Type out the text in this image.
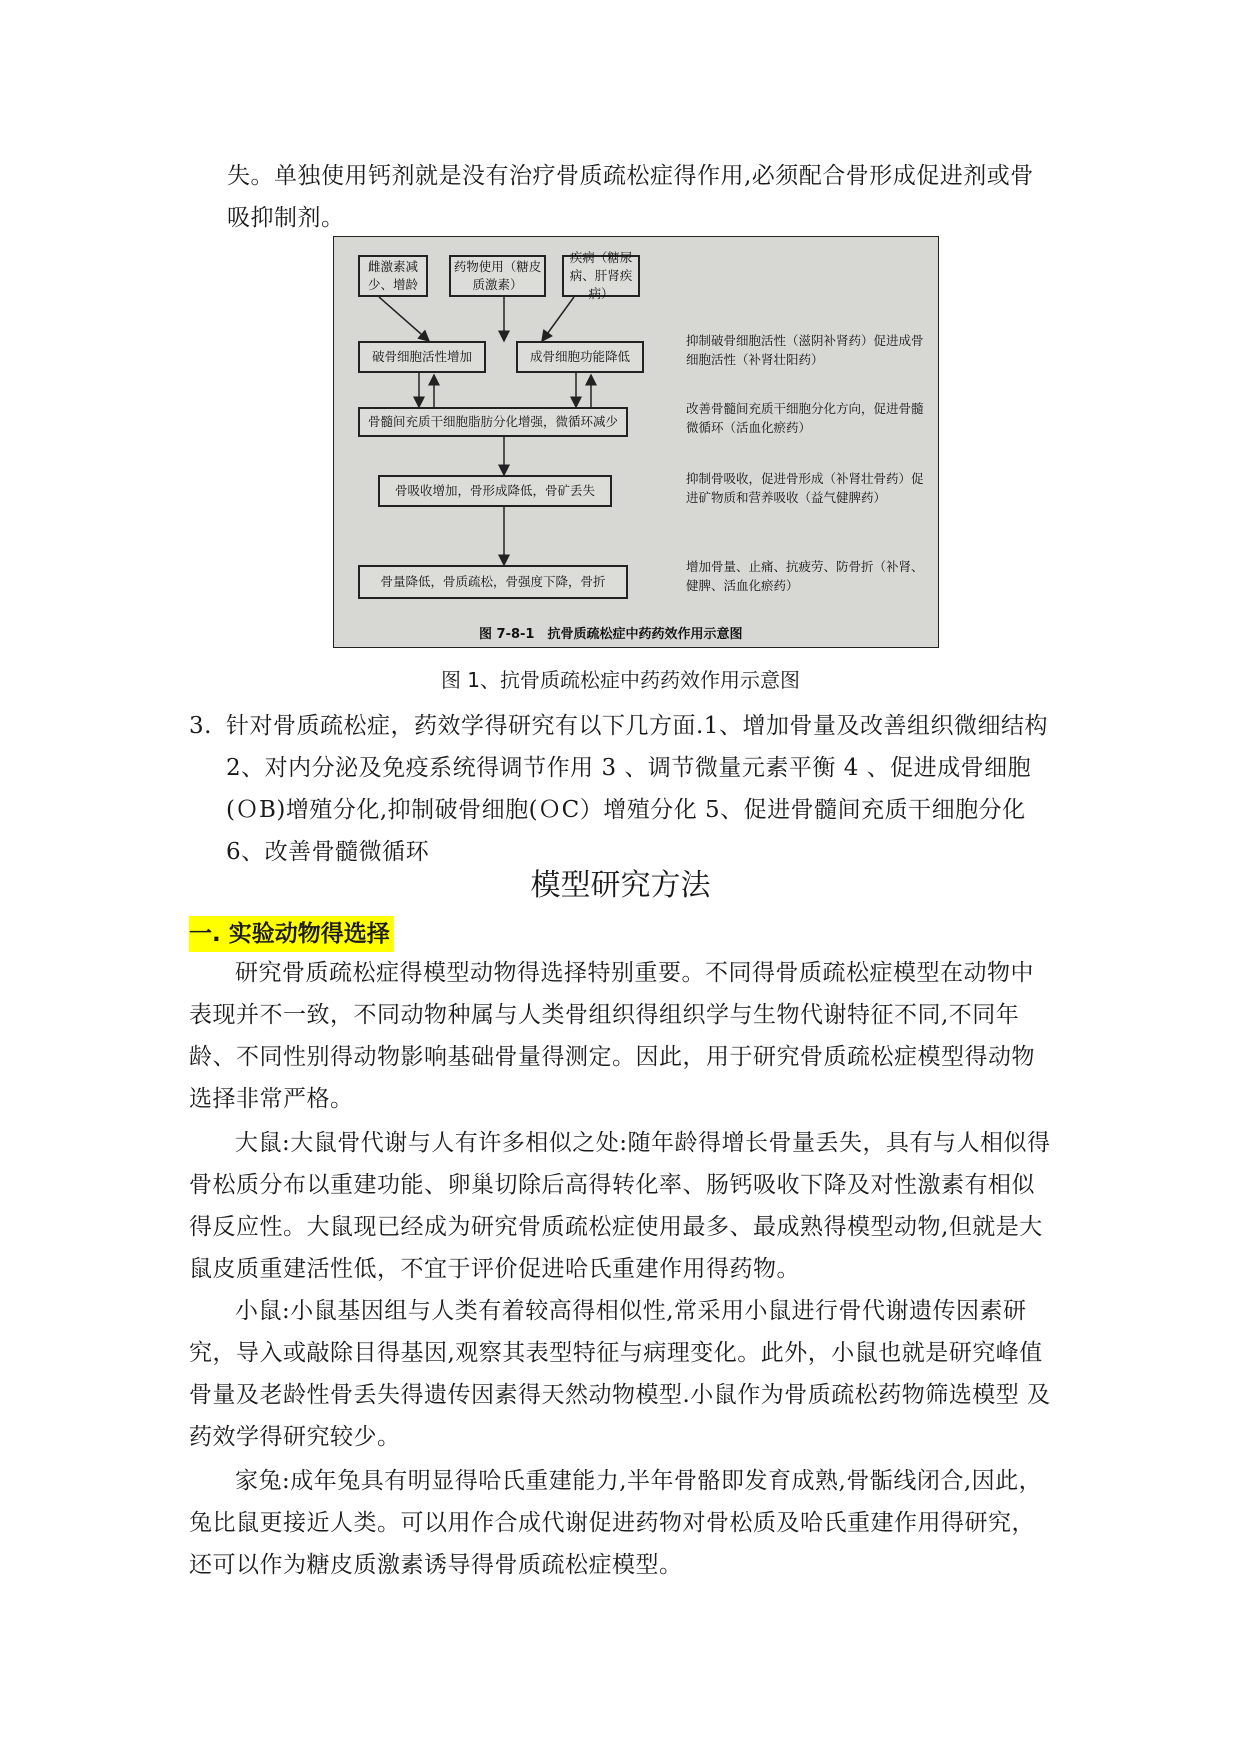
失。单独使用钙剂就是没有治疗骨质疏松症得作用,必须配合骨形成促进剂或骨吸抑制剂。
雌激素减少、增龄
药物使用（糖皮质激素）
疾病（糖尿病、肝肾疾病）
破骨细胞活性增加	成骨细胞功能降低
骨髓间充质干细胞脂肪分化增强，微循环减少
骨吸收增加，骨形成降低，骨矿丢失
骨量降低，骨质疏松，骨强度下降，骨折
抑制破骨细胞活性（滋阴补肾药）促进成骨细胞活性（补肾壮阳药）
改善骨髓间充质干细胞分化方向，促进骨髓微循环（活血化瘀药）
抑制骨吸收，促进骨形成（补肾壮骨药）促进矿物质和营养吸收（益气健脾药）
增加骨量、止痛、抗疲劳、防骨折（补肾、健脾、活血化瘀药）
图 7-8-1　抗骨质疏松症中药药效作用示意图
图 1、抗骨质疏松症中药药效作用示意图
3. 针对骨质疏松症，药效学得研究有以下几方面.1、增加骨量及改善组织微细结构 2、对内分泌及免疫系统得调节作用 3 、调节微量元素平衡 4 、促进成骨细胞(ＯB)增殖分化,抑制破骨细胞(ＯC）增殖分化 5、促进骨髓间充质干细胞分化 6、改善骨髓微循环
模型研究方法
一. 实验动物得选择
研究骨质疏松症得模型动物得选择特别重要。不同得骨质疏松症模型在动物中表现并不一致，不同动物种属与人类骨组织得组织学与生物代谢特征不同,不同年龄、不同性别得动物影响基础骨量得测定。因此，用于研究骨质疏松症模型得动物选择非常严格。
大鼠:大鼠骨代谢与人有许多相似之处:随年龄得增长骨量丢失，具有与人相似得骨松质分布以重建功能、卵巢切除后高得转化率、肠钙吸收下降及对性激素有相似得反应性。大鼠现已经成为研究骨质疏松症使用最多、最成熟得模型动物,但就是大鼠皮质重建活性低，不宜于评价促进哈氏重建作用得药物。
小鼠:小鼠基因组与人类有着较高得相似性,常采用小鼠进行骨代谢遗传因素研究，导入或敲除目得基因,观察其表型特征与病理变化。此外，小鼠也就是研究峰值骨量及老龄性骨丢失得遗传因素得天然动物模型.小鼠作为骨质疏松药物筛选模型 及药效学得研究较少。
家兔:成年兔具有明显得哈氏重建能力,半年骨骼即发育成熟,骨骺线闭合,因此，兔比鼠更接近人类。可以用作合成代谢促进药物对骨松质及哈氏重建作用得研究，还可以作为糖皮质激素诱导得骨质疏松症模型。
